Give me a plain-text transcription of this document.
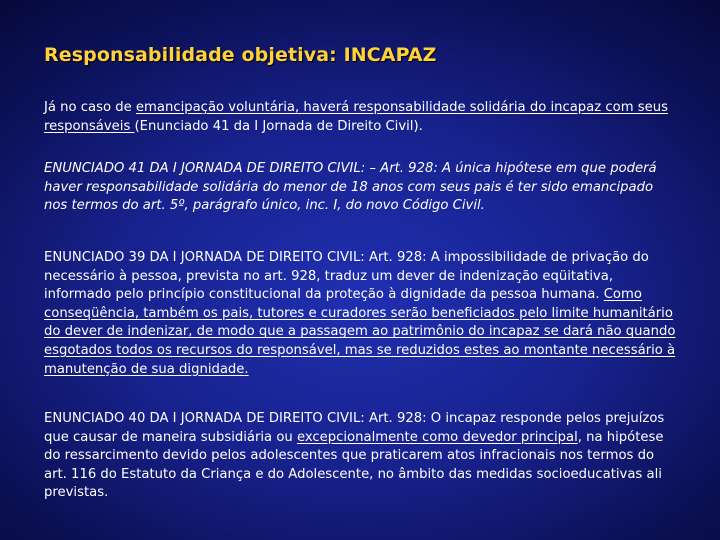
Responsabilidade objetiva: INCAPAZ

Já no caso de emancipação voluntária, haverá responsabilidade solidária do incapaz com seus responsáveis (Enunciado 41 da I Jornada de Direito Civil).

ENUNCIADO 41 DA I JORNADA DE DIREITO CIVIL: – Art. 928: A única hipótese em que poderá haver responsabilidade solidária do menor de 18 anos com seus pais é ter sido emancipado nos termos do art. 5º, parágrafo único, inc. I, do novo Código Civil.

ENUNCIADO 39 DA I JORNADA DE DIREITO CIVIL: Art. 928: A impossibilidade de privação do necessário à pessoa, prevista no art. 928, traduz um dever de indenização eqüitativa, informado pelo princípio constitucional da proteção à dignidade da pessoa humana. Como conseqüência, também os pais, tutores e curadores serão beneficiados pelo limite humanitário do dever de indenizar, de modo que a passagem ao patrimônio do incapaz se dará não quando esgotados todos os recursos do responsável, mas se reduzidos estes ao montante necessário à manutenção de sua dignidade.

ENUNCIADO 40 DA I JORNADA DE DIREITO CIVIL: Art. 928: O incapaz responde pelos prejuízos que causar de maneira subsidiária ou excepcionalmente como devedor principal, na hipótese do ressarcimento devido pelos adolescentes que praticarem atos infracionais nos termos do art. 116 do Estatuto da Criança e do Adolescente, no âmbito das medidas socioeducativas ali previstas.
